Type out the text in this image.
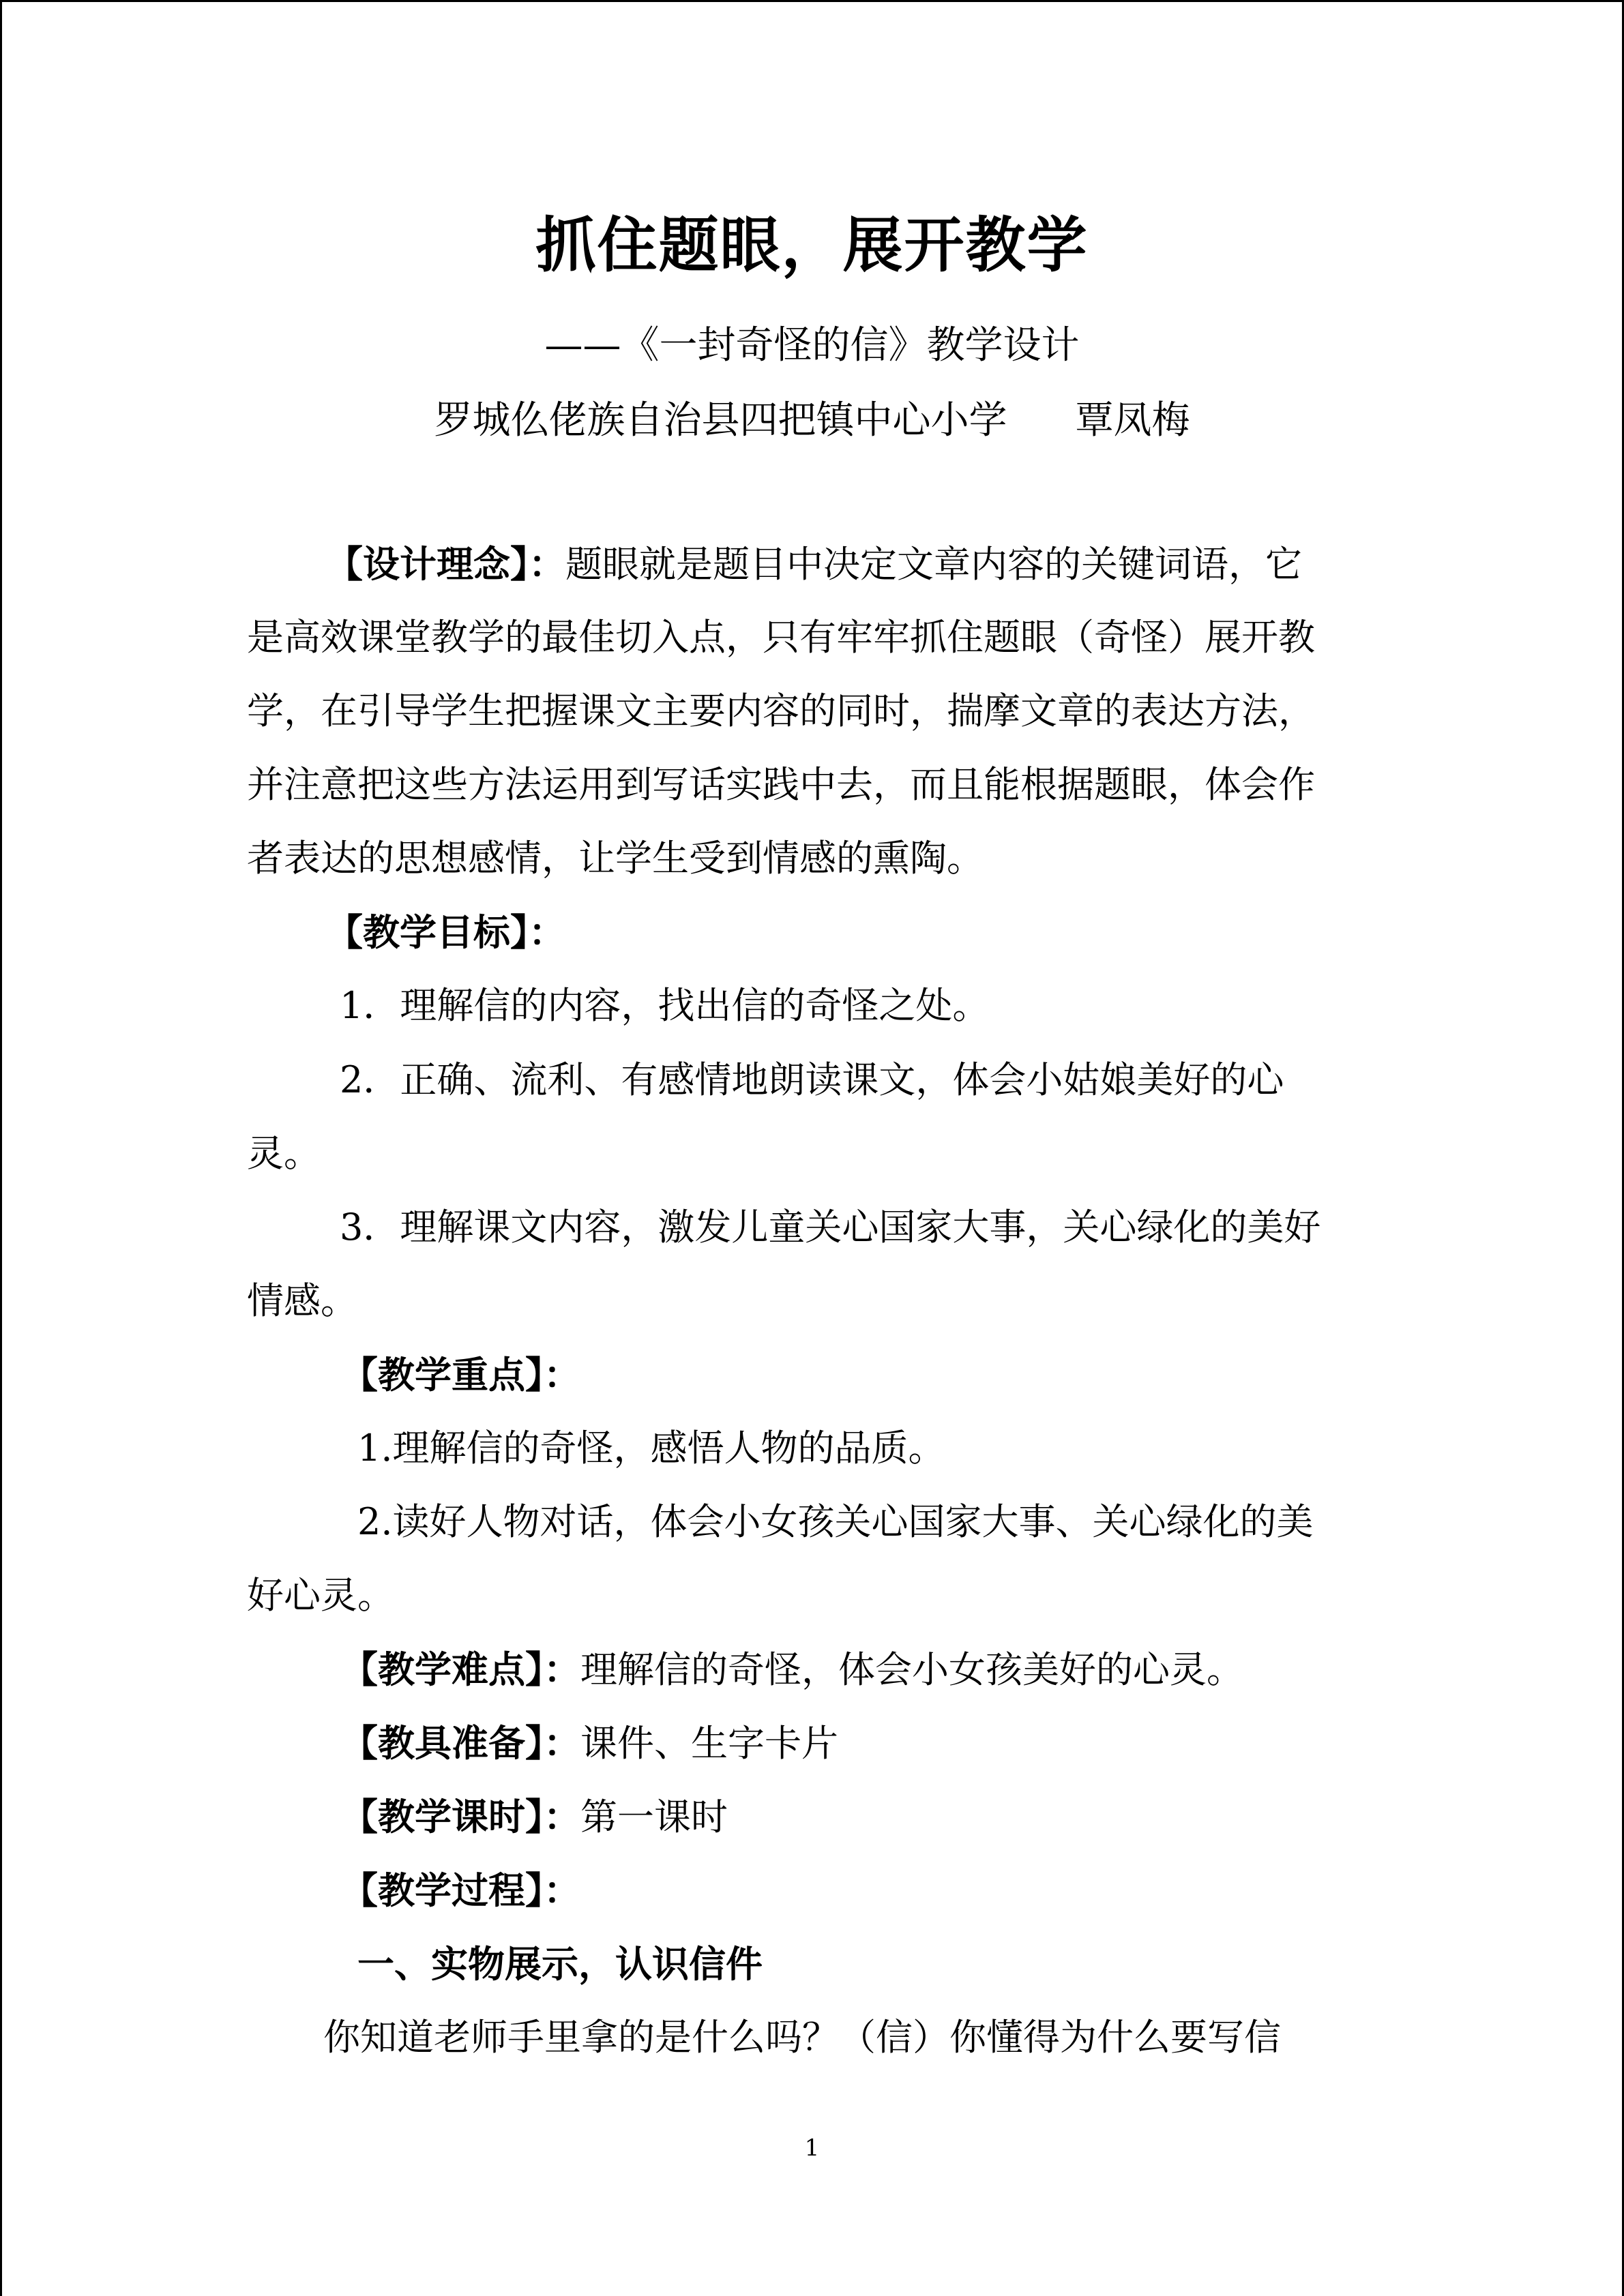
抓住题眼，展开教学
——《一封奇怪的信》教学设计
罗城仫佬族自治县四把镇中心小学 覃凤梅
【设计理念】：题眼就是题目中决定文章内容的关键词语，它
是高效课堂教学的最佳切入点，只有牢牢抓住题眼（奇怪）展开教
学，在引导学生把握课文主要内容的同时，揣摩文章的表达方法，
并注意把这些方法运用到写话实践中去，而且能根据题眼，体会作
者表达的思想感情，让学生受到情感的熏陶。
【教学目标】：
1．理解信的内容，找出信的奇怪之处。
2．正确、流利、有感情地朗读课文，体会小姑娘美好的心
灵。
3．理解课文内容，激发儿童关心国家大事，关心绿化的美好
情感。
【教学重点】：
1.理解信的奇怪，感悟人物的品质。
2.读好人物对话，体会小女孩关心国家大事、关心绿化的美
好心灵。
【教学难点】：理解信的奇怪，体会小女孩美好的心灵。
【教具准备】：课件、生字卡片
【教学课时】：第一课时
【教学过程】：
一、实物展示，认识信件
你知道老师手里拿的是什么吗？（信）你懂得为什么要写信
1
